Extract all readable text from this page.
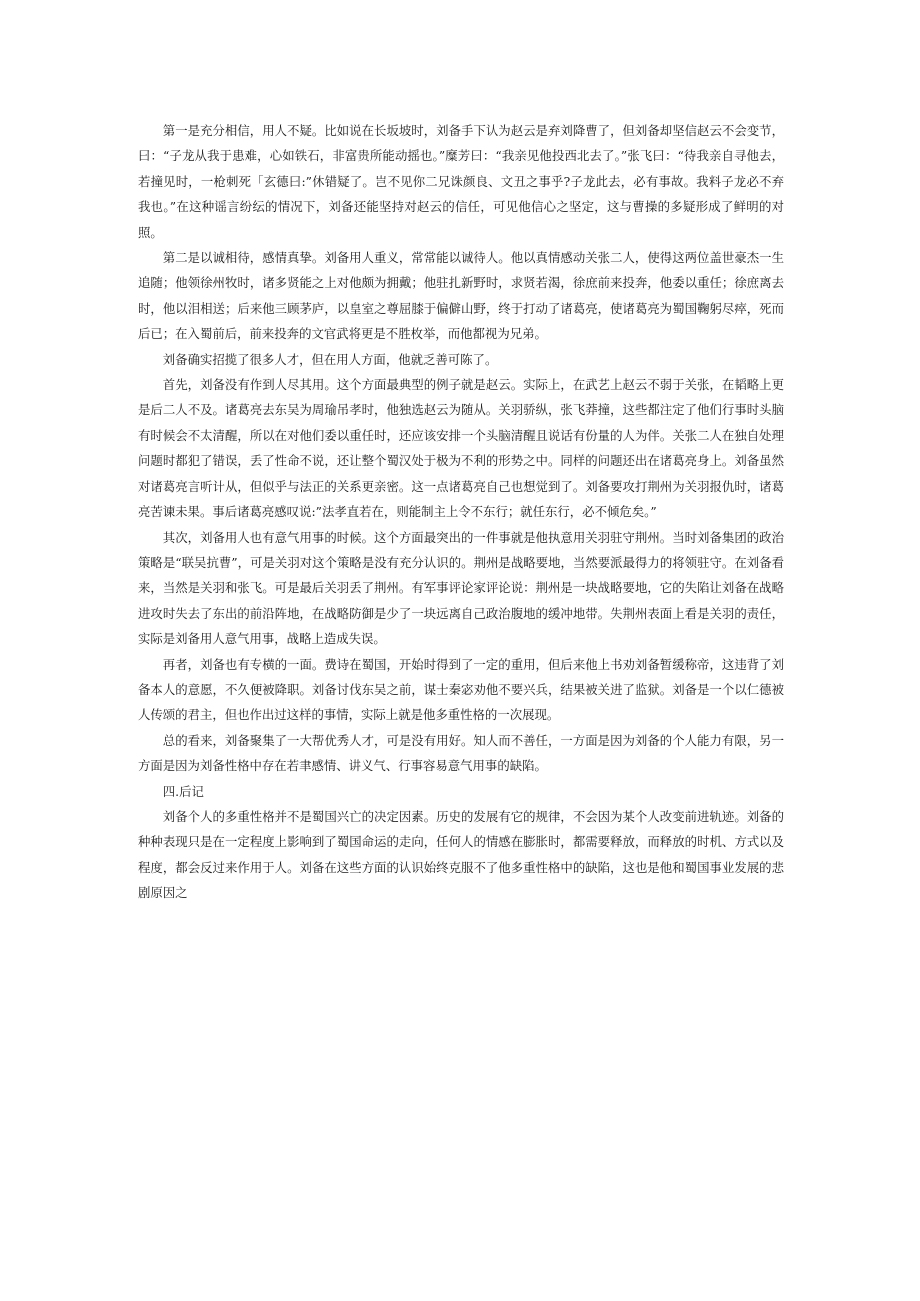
第一是充分相信，用人不疑。比如说在长坂坡时，刘备手下认为赵云是弃刘降曹了，但刘备却坚信赵云不会变节，曰：“子龙从我于患难，心如铁石，非富贵所能动摇也。”糜芳曰：“我亲见他投西北去了。”张飞曰：“待我亲自寻他去，若撞见时，一枪刺死「玄德曰:”休错疑了。岂不见你二兄诛颜良、文丑之事乎?子龙此去，必有事故。我料子龙必不弃我也。”在这种谣言纷纭的情况下，刘备还能坚持对赵云的信任，可见他信心之坚定，这与曹操的多疑形成了鲜明的对照。

第二是以诚相待，感情真挚。刘备用人重义，常常能以诚待人。他以真情感动关张二人，使得这两位盖世豪杰一生追随；他领徐州牧时，诸多贤能之上对他颇为拥戴；他驻扎新野时，求贤若渴，徐庶前来投奔，他委以重任；徐庶离去时，他以泪相送；后来他三顾茅庐，以皇室之尊屈膝于偏僻山野，终于打动了诸葛亮，使诸葛亮为蜀国鞠躬尽瘁，死而后已；在入蜀前后，前来投奔的文官武将更是不胜枚举，而他都视为兄弟。

刘备确实招揽了很多人才，但在用人方面，他就乏善可陈了。

首先，刘备没有作到人尽其用。这个方面最典型的例子就是赵云。实际上，在武艺上赵云不弱于关张，在韬略上更是后二人不及。诸葛亮去东吴为周瑜吊孝时，他独选赵云为随从。关羽骄纵，张飞莽撞，这些都注定了他们行事时头脑有时候会不太清醒，所以在对他们委以重任时，还应该安排一个头脑清醒且说话有份量的人为伴。关张二人在独自处理问题时都犯了错误，丢了性命不说，还让整个蜀汉处于极为不利的形势之中。同样的问题还出在诸葛亮身上。刘备虽然对诸葛亮言听计从，但似乎与法正的关系更亲密。这一点诸葛亮自己也想觉到了。刘备要攻打荆州为关羽报仇时，诸葛亮苦谏未果。事后诸葛亮感叹说:”法孝直若在，则能制主上令不东行；就任东行，必不倾危矣。”

其次，刘备用人也有意气用事的时候。这个方面最突出的一件事就是他执意用关羽驻守荆州。当时刘备集团的政治策略是“联吴抗曹”，可是关羽对这个策略是没有充分认识的。荆州是战略要地，当然要派最得力的将领驻守。在刘备看来，当然是关羽和张飞。可是最后关羽丢了荆州。有军事评论家评论说：荆州是一块战略要地，它的失陷让刘备在战略进攻时失去了东出的前沿阵地，在战略防御是少了一块远离自己政治腹地的缓冲地带。失荆州表面上看是关羽的责任，实际是刘备用人意气用事，战略上造成失误。

再者，刘备也有专横的一面。费诗在蜀国，开始时得到了一定的重用，但后来他上书劝刘备暂缓称帝，这违背了刘备本人的意愿，不久便被降职。刘备讨伐东吴之前，谋士秦宓劝他不要兴兵，结果被关进了监狱。刘备是一个以仁德被人传颂的君主，但也作出过这样的事情，实际上就是他多重性格的一次展现。

总的看来，刘备聚集了一大帮优秀人才，可是没有用好。知人而不善任，一方面是因为刘备的个人能力有限，另一方面是因为刘备性格中存在若聿感情、讲义气、行事容易意气用事的缺陷。

四.后记

刘备个人的多重性格并不是蜀国兴亡的决定因素。历史的发展有它的规律，不会因为某个人改变前进轨迹。刘备的种种表现只是在一定程度上影响到了蜀国命运的走向，任何人的情感在膨胀时，都需要释放，而释放的时机、方式以及程度，都会反过来作用于人。刘备在这些方面的认识始终克服不了他多重性格中的缺陷，这也是他和蜀国事业发展的悲剧原因之
